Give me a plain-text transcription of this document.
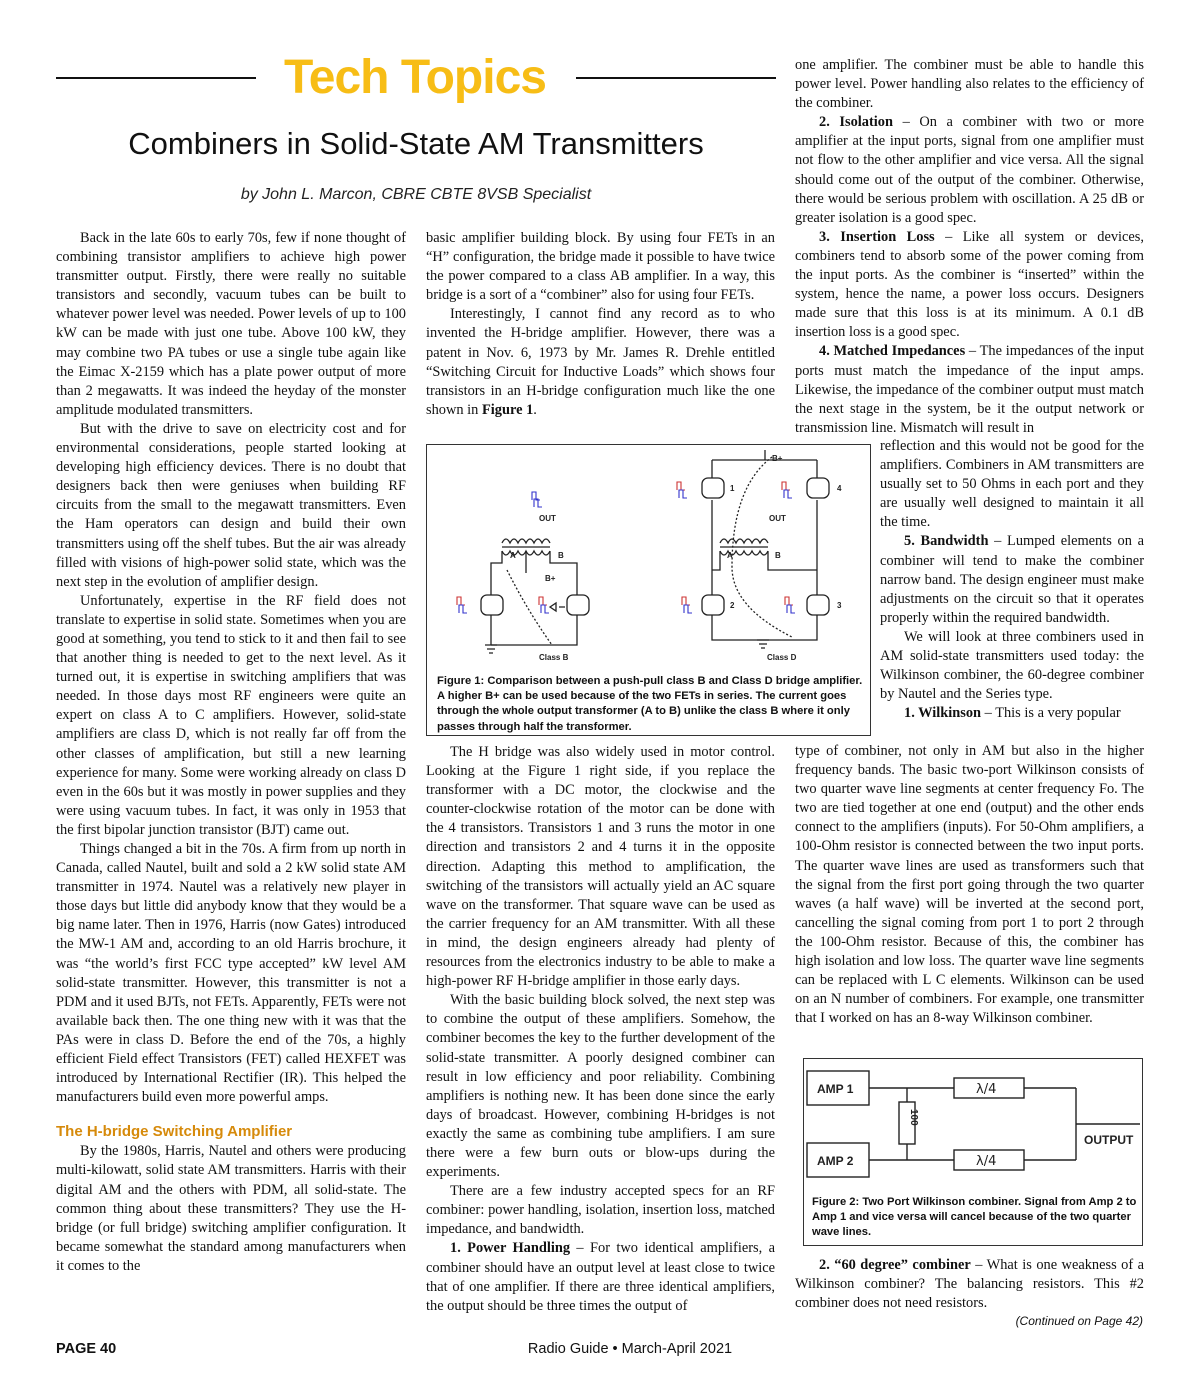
Tech Topics
Combiners in Solid-State AM Transmitters
by John L. Marcon, CBRE CBTE 8VSB Specialist

Back in the late 60s to early 70s, few if none thought of combining transistor amplifiers to achieve high power transmitter output. Firstly, there were really no suitable transistors and secondly, vacuum tubes can be built to whatever power level was needed. Power levels of up to 100 kW can be made with just one tube. Above 100 kW, they may combine two PA tubes or use a single tube again like the Eimac X-2159 which has a plate power output of more than 2 megawatts. It was indeed the heyday of the monster amplitude modulated transmitters.

But with the drive to save on electricity cost and for environmental considerations, people started looking at developing high efficiency devices. There is no doubt that designers back then were geniuses when building RF circuits from the small to the megawatt transmitters. Even the Ham operators can design and build their own transmitters using off the shelf tubes. But the air was already filled with visions of high-power solid state, which was the next step in the evolution of amplifier design.

Unfortunately, expertise in the RF field does not translate to expertise in solid state. Sometimes when you are good at something, you tend to stick to it and then fail to see that another thing is needed to get to the next level. As it turned out, it is expertise in switching amplifiers that was needed. In those days most RF engineers were quite an expert on class A to C amplifiers. However, solid-state amplifiers are class D, which is not really far off from the other classes of amplification, but still a new learning experience for many. Some were working already on class D even in the 60s but it was mostly in power supplies and they were using vacuum tubes. In fact, it was only in 1953 that the first bipolar junction transistor (BJT) came out.

Things changed a bit in the 70s. A firm from up north in Canada, called Nautel, built and sold a 2 kW solid state AM transmitter in 1974. Nautel was a relatively new player in those days but little did anybody know that they would be a big name later. Then in 1976, Harris (now Gates) introduced the MW-1 AM and, according to an old Harris brochure, it was “the world’s first FCC type accepted” kW level AM solid-state transmitter. However, this transmitter is not a PDM and it used BJTs, not FETs. Apparently, FETs were not available back then. The one thing new with it was that the PAs were in class D. Before the end of the 70s, a highly efficient Field effect Transistors (FET) called HEXFET was introduced by International Rectifier (IR). This helped the manufacturers build even more powerful amps.

The H-bridge Switching Amplifier

By the 1980s, Harris, Nautel and others were producing multi-kilowatt, solid state AM transmitters. Harris with their digital AM and the others with PDM, all solid-state. The common thing about these transmitters? They use the H-bridge (or full bridge) switching amplifier configuration. It became somewhat the standard among manufacturers when it comes to the

basic amplifier building block. By using four FETs in an “H” configuration, the bridge made it possible to have twice the power compared to a class AB amplifier. In a way, this bridge is a sort of a “combiner” also for using four FETs.

Interestingly, I cannot find any record as to who invented the H-bridge amplifier. However, there was a patent in Nov. 6, 1973 by Mr. James R. Drehle entitled “Switching Circuit for Inductive Loads” which shows four transistors in an H-bridge configuration much like the one shown in Figure 1.

Class B	Class D
OUT	OUT
B+
B+
A	B	A	B
1
2	3
4
Figure 1: Comparison between a push-pull class B and Class D bridge amplifier. A higher B+ can be used because of the two FETs in series. The current goes through the whole output transformer (A to B) unlike the class B where it only passes through half the transformer.

The H bridge was also widely used in motor control. Looking at the Figure 1 right side, if you replace the transformer with a DC motor, the clockwise and the counter-clockwise rotation of the motor can be done with the 4 transistors. Transistors 1 and 3 runs the motor in one direction and transistors 2 and 4 turns it in the opposite direction. Adapting this method to amplification, the switching of the transistors will actually yield an AC square wave on the transformer. That square wave can be used as the carrier frequency for an AM transmitter. With all these in mind, the design engineers already had plenty of resources from the electronics industry to be able to make a high-power RF H-bridge amplifier in those early days.

With the basic building block solved, the next step was to combine the output of these amplifiers. Somehow, the combiner becomes the key to the further development of the solid-state transmitter. A poorly designed combiner can result in low efficiency and poor reliability. Combining amplifiers is nothing new. It has been done since the early days of broadcast. However, combining H-bridges is not exactly the same as combining tube amplifiers. I am sure there were a few burn outs or blow-ups during the experiments.

There are a few industry accepted specs for an RF combiner: power handling, isolation, insertion loss, matched impedance, and bandwidth.

1. Power Handling – For two identical amplifiers, a combiner should have an output level at least close to twice that of one amplifier. If there are three identical amplifiers, the output should be three times the output of

one amplifier. The combiner must be able to handle this power level. Power handling also relates to the efficiency of the combiner.

2. Isolation – On a combiner with two or more amplifier at the input ports, signal from one amplifier must not flow to the other amplifier and vice versa. All the signal should come out of the output of the combiner. Otherwise, there would be serious problem with oscillation. A 25 dB or greater isolation is a good spec.

3. Insertion Loss – Like all system or devices, combiners tend to absorb some of the power coming from the input ports. As the combiner is “inserted” within the system, hence the name, a power loss occurs. Designers made sure that this loss is at its minimum. A 0.1 dB insertion loss is a good spec.

4. Matched Impedances – The impedances of the input ports must match the impedance of the input amps. Likewise, the impedance of the combiner output must match the next stage in the system, be it the output network or transmission line. Mismatch will result in

reflection and this would not be good for the amplifiers. Combiners in AM transmitters are usually set to 50 Ohms in each port and they are usually well designed to maintain it all the time.

5. Bandwidth – Lumped elements on a combiner will tend to make the combiner narrow band. The design engineer must make adjustments on the circuit so that it operates properly within the required bandwidth.

We will look at three combiners used in AM solid-state transmitters used today: the Wilkinson combiner, the 60-degree combiner by Nautel and the Series type.

1. Wilkinson – This is a very popular

type of combiner, not only in AM but also in the higher frequency bands. The basic two-port Wilkinson consists of two quarter wave line segments at center frequency Fo. The two are tied together at one end (output) and the other ends connect to the amplifiers (inputs). For 50-Ohm amplifiers, a 100-Ohm resistor is connected between the two input ports. The quarter wave lines are used as transformers such that the signal from the first port going through the two quarter waves (a half wave) will be inverted at the second port, cancelling the signal coming from port 1 to port 2 through the 100-Ohm resistor. Because of this, the combiner has high isolation and low loss. The quarter wave line segments can be replaced with L C elements. Wilkinson can be used on an N number of combiners. For example, one transmitter that I worked on has an 8-way Wilkinson combiner.

AMP 1
AMP 2
OUTPUT
λ/4
λ/4
100
Figure 2: Two Port Wilkinson combiner. Signal from Amp 2 to Amp 1 and vice versa will cancel because of the two quarter wave lines.

2. “60 degree” combiner – What is one weakness of a Wilkinson combiner? The balancing resistors. This #2 combiner does not need resistors.

(Continued on Page 42)
PAGE 40	Radio Guide • March-April 2021
